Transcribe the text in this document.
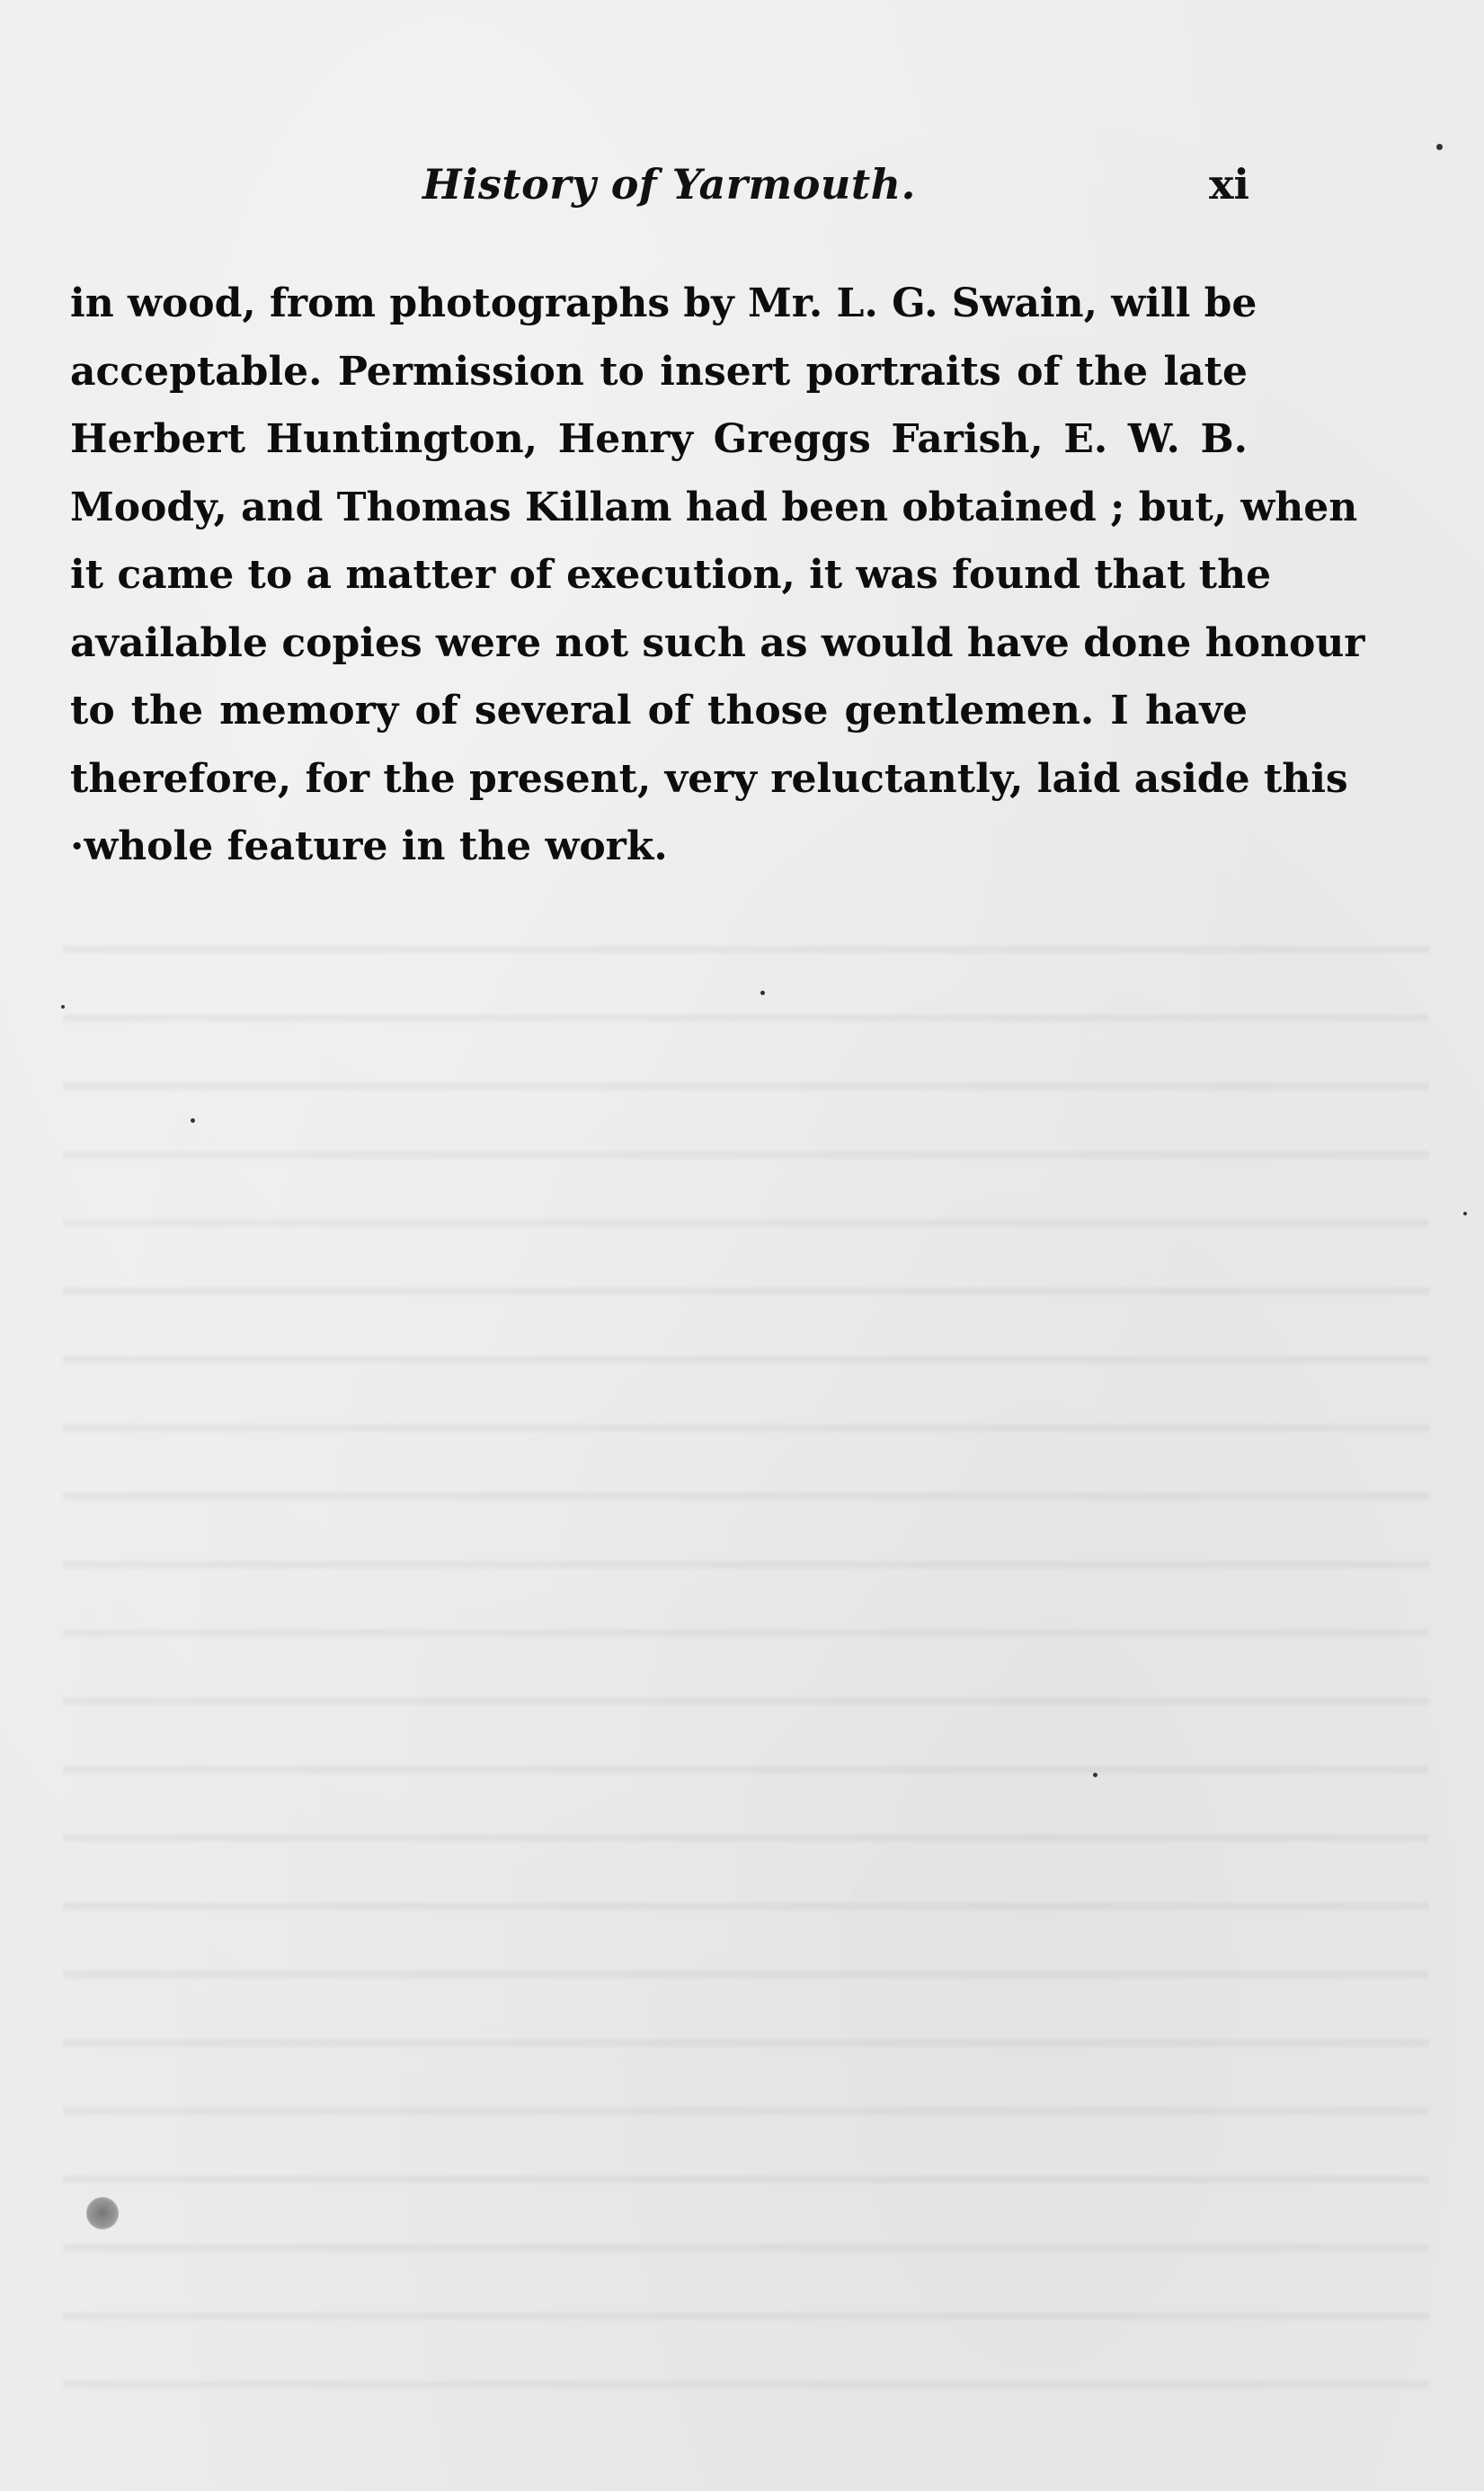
History of Yarmouth.	xi
in wood, from photographs by Mr. L. G. Swain, will be
acceptable. Permission to insert portraits of the late
Herbert Huntington, Henry Greggs Farish, E. W. B.
Moody, and Thomas Killam had been obtained ; but, when
it came to a matter of execution, it was found that the
available copies were not such as would have done honour
to the memory of several of those gentlemen. I have
therefore, for the present, very reluctantly, laid aside this
·whole feature in the work.
